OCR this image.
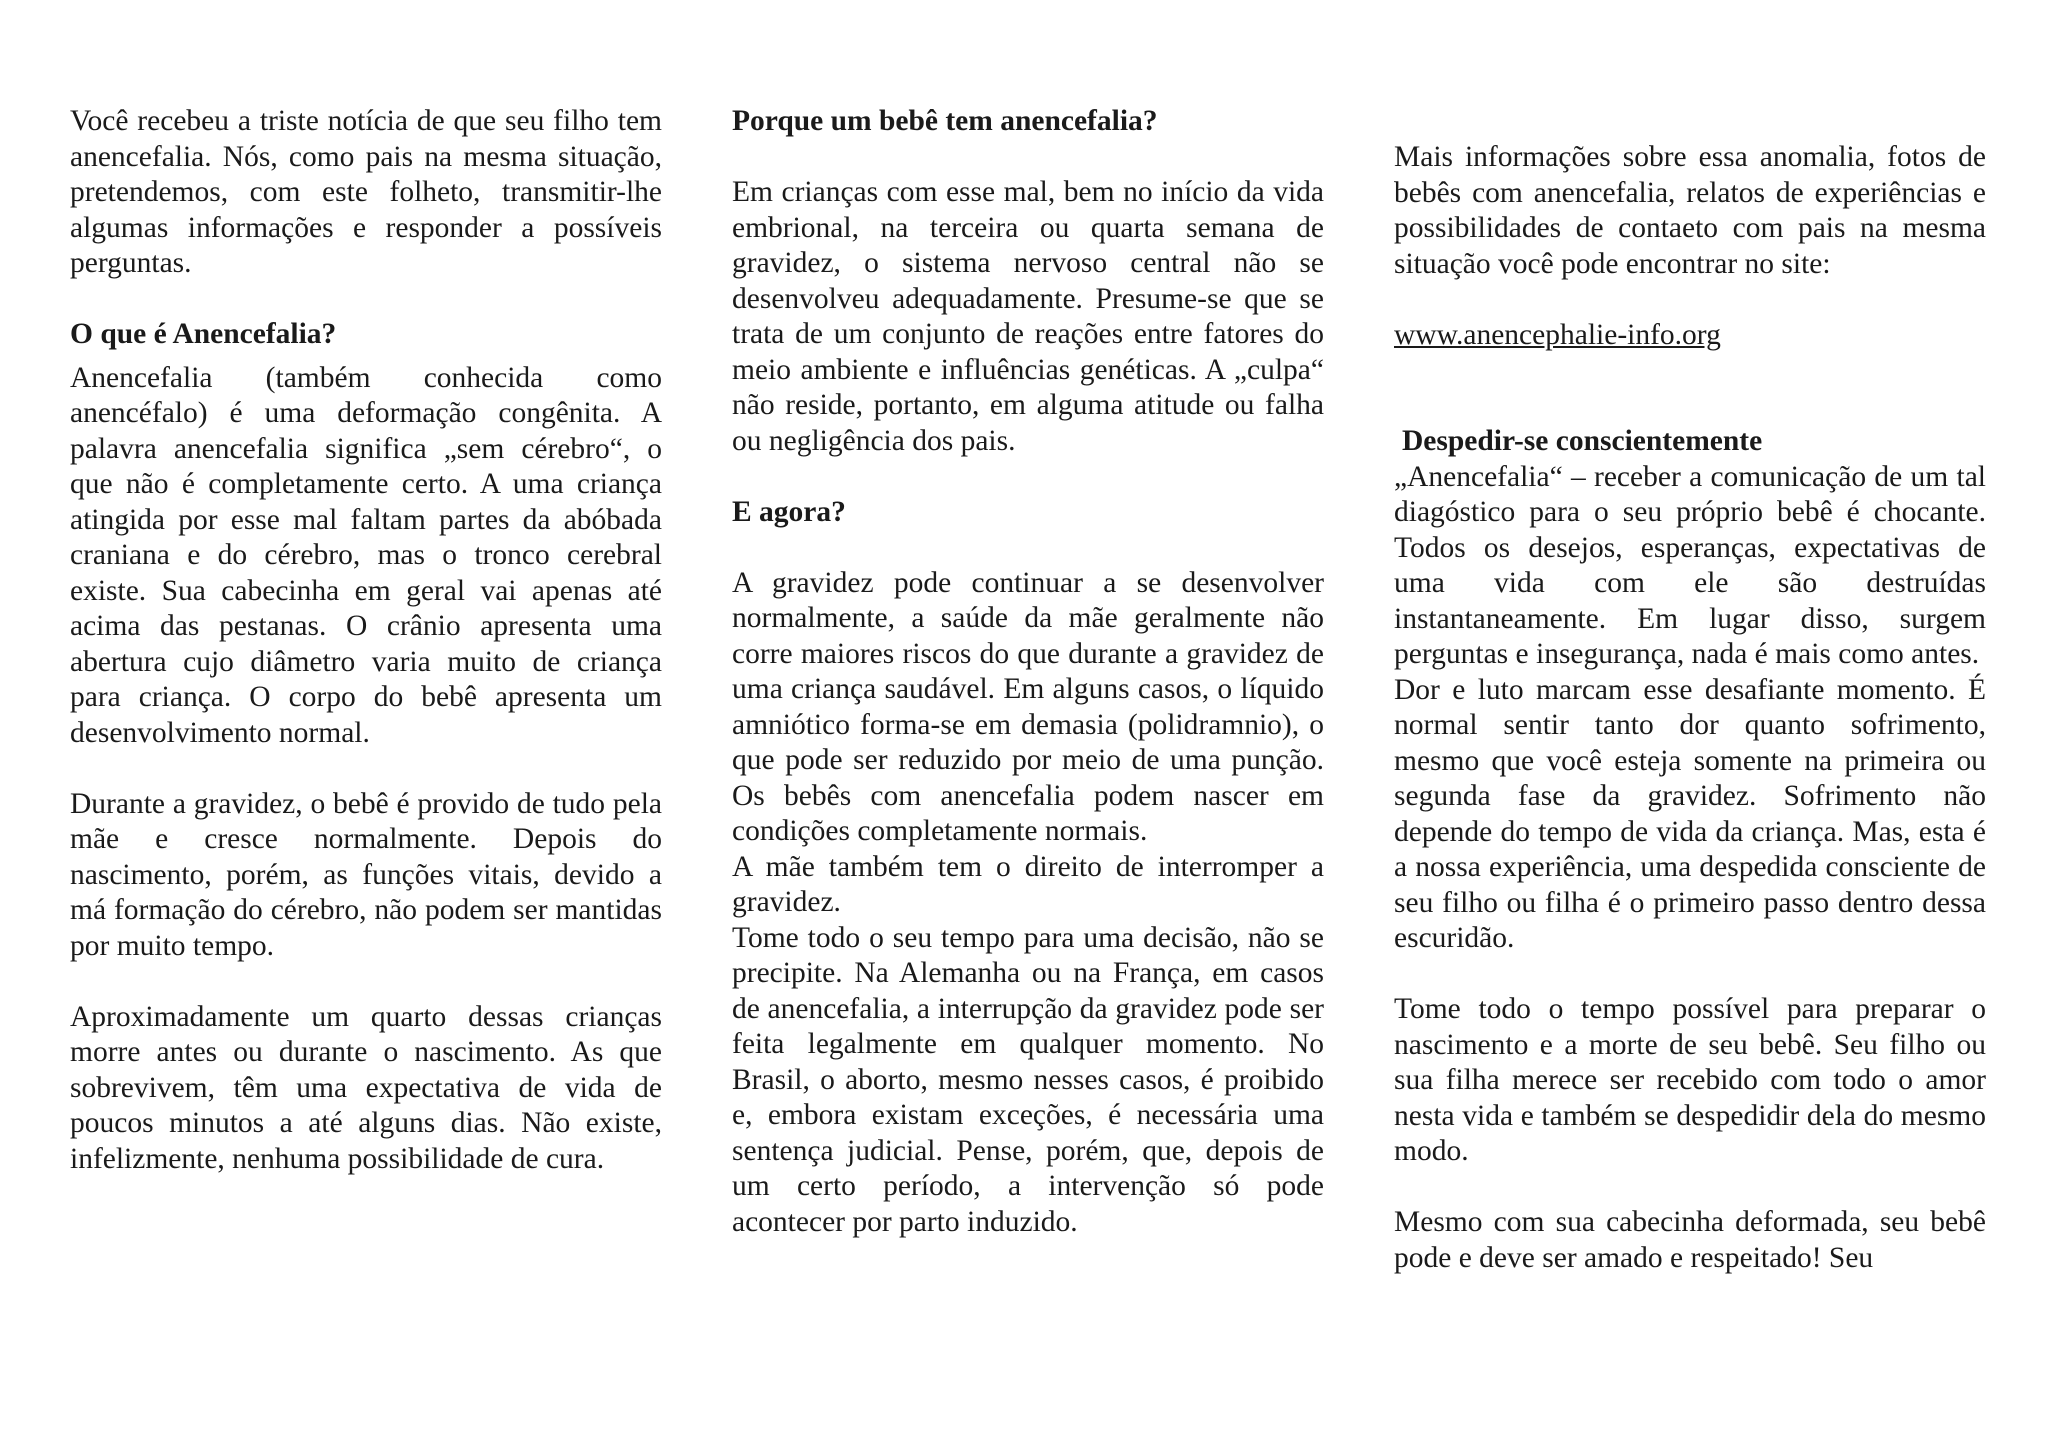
Você recebeu a triste notícia de que seu filho tem anencefalia. Nós, como pais na mesma situação, pretendemos, com este folheto, transmitir-lhe algumas informações e responder a possíveis perguntas.

O que é Anencefalia?

Anencefalia (também conhecida como anencéfalo) é uma deformação congênita. A palavra anencefalia significa „sem cérebro“, o que não é completamente certo. A uma criança atingida por esse mal faltam partes da abóbada craniana e do cérebro, mas o tronco cerebral existe. Sua cabecinha em geral vai apenas até acima das pestanas. O crânio apresenta uma abertura cujo diâmetro varia muito de criança para criança. O corpo do bebê apresenta um desenvolvimento normal.

Durante a gravidez, o bebê é provido de tudo pela mãe e cresce normalmente. Depois do nascimento, porém, as funções vitais, devido a má formação do cérebro, não podem ser mantidas por muito tempo.

Aproximadamente um quarto dessas crianças morre antes ou durante o nascimento. As que sobrevivem, têm uma expectativa de vida de poucos minutos a até alguns dias. Não existe, infelizmente, nenhuma possibilidade de cura.

Porque um bebê tem anencefalia?

Em crianças com esse mal, bem no início da vida embrional, na terceira ou quarta semana de gravidez, o sistema nervoso central não se desenvolveu adequadamente. Presume-se que se trata de um conjunto de reações entre fatores do meio ambiente e influências genéticas. A „culpa“ não reside, portanto, em alguma atitude ou falha ou negligência dos pais.

E agora?

A gravidez pode continuar a se desenvolver normalmente, a saúde da mãe geralmente não corre maiores riscos do que durante a gravidez de uma criança saudável. Em alguns casos, o líquido amniótico forma-se em demasia (polidramnio), o que pode ser reduzido por meio de uma punção. Os bebês com anencefalia podem nascer em condições completamente normais.

A mãe também tem o direito de interromper a gravidez.

Tome todo o seu tempo para uma decisão, não se precipite. Na Alemanha ou na França, em casos de anencefalia, a interrupção da gravidez pode ser feita legalmente em qualquer momento. No Brasil, o aborto, mesmo nesses casos, é proibido e, embora existam exceções, é necessária uma sentença judicial. Pense, porém, que, depois de um certo período, a intervenção só pode acontecer por parto induzido.

Mais informações sobre essa anomalia, fotos de bebês com anencefalia, relatos de experiências e possibilidades de contaeto com pais na mesma situação você pode encontrar no site:

www.anencephalie-info.org

Despedir-se conscientemente

„Anencefalia“ – receber a comunicação de um tal diagóstico para o seu próprio bebê é chocante. Todos os desejos, esperanças, expectativas de uma vida com ele são destruídas instantaneamente. Em lugar disso, surgem perguntas e insegurança, nada é mais como antes.

Dor e luto marcam esse desafiante momento. É normal sentir tanto dor quanto sofrimento, mesmo que você esteja somente na primeira ou segunda fase da gravidez. Sofrimento não depende do tempo de vida da criança. Mas, esta é a nossa experiência, uma despedida consciente de seu filho ou filha é o primeiro passo dentro dessa escuridão.

Tome todo o tempo possível para preparar o nascimento e a morte de seu bebê. Seu filho ou sua filha merece ser recebido com todo o amor nesta vida e também se despedidir dela do mesmo modo.

Mesmo com sua cabecinha deformada, seu bebê pode e deve ser amado e respeitado! Seu
